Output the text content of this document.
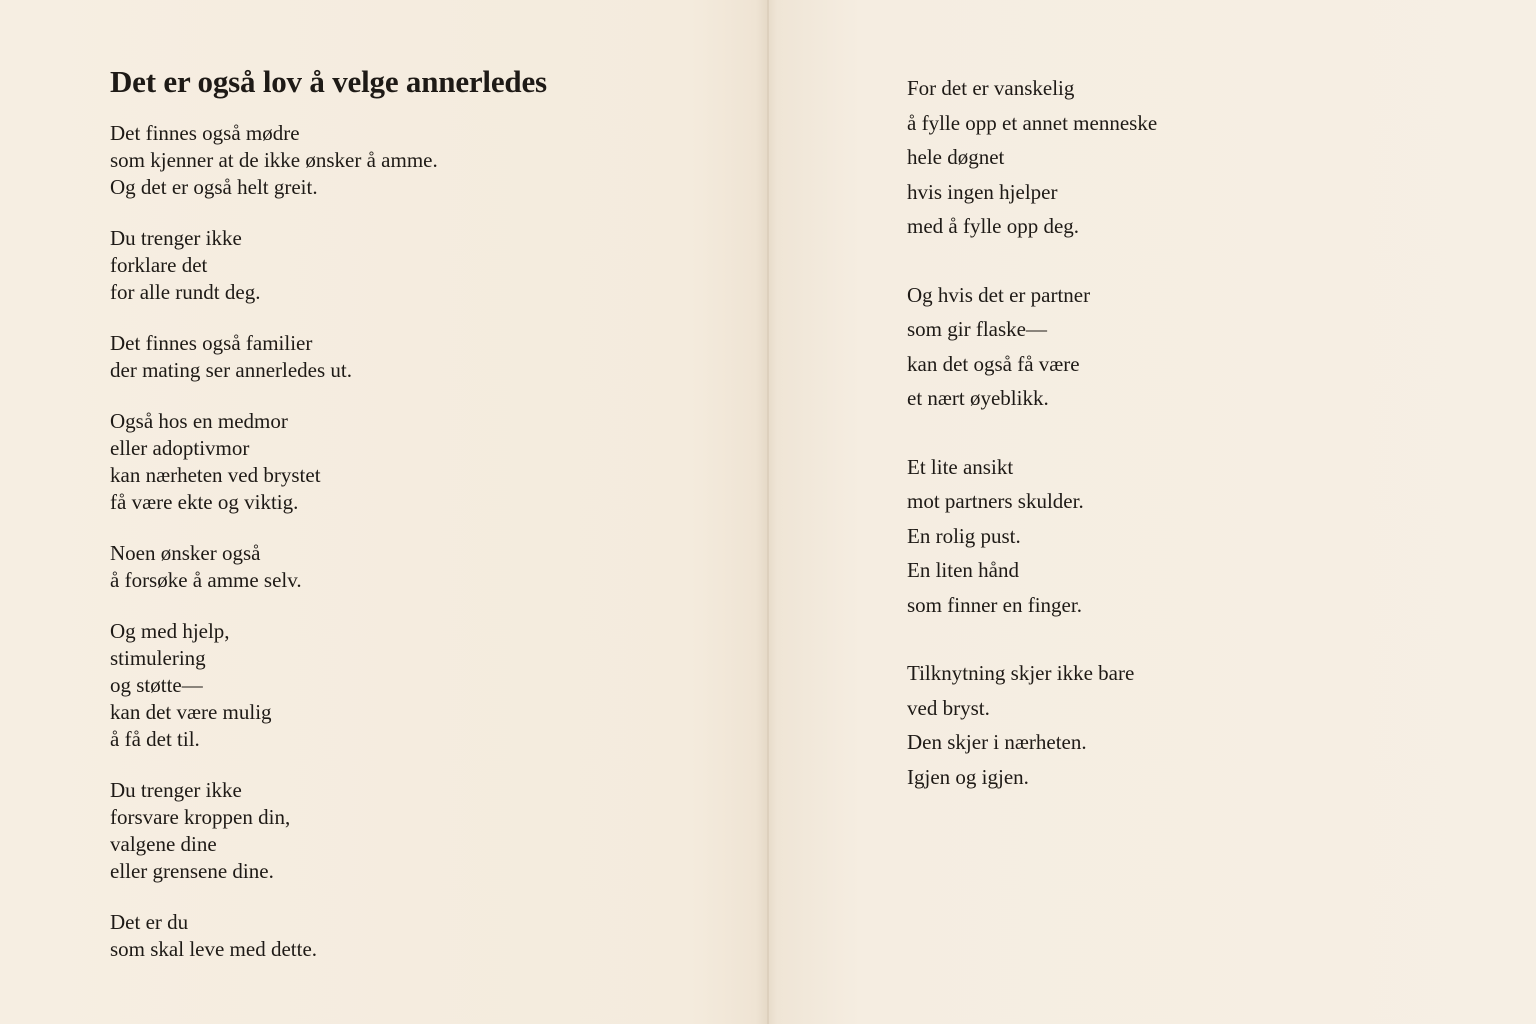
Det er også lov å velge annerledes
Det finnes også mødre
som kjenner at de ikke ønsker å amme.
Og det er også helt greit.
Du trenger ikke
forklare det
for alle rundt deg.
Det finnes også familier
der mating ser annerledes ut.
Også hos en medmor
eller adoptivmor
kan nærheten ved brystet
få være ekte og viktig.
Noen ønsker også
å forsøke å amme selv.
Og med hjelp,
stimulering
og støtte—
kan det være mulig
å få det til.
Du trenger ikke
forsvare kroppen din,
valgene dine
eller grensene dine.
Det er du
som skal leve med dette.
For det er vanskelig
å fylle opp et annet menneske
hele døgnet
hvis ingen hjelper
med å fylle opp deg.
Og hvis det er partner
som gir flaske—
kan det også få være
et nært øyeblikk.
Et lite ansikt
mot partners skulder.
En rolig pust.
En liten hånd
som finner en finger.
Tilknytning skjer ikke bare
ved bryst.
Den skjer i nærheten.
Igjen og igjen.
